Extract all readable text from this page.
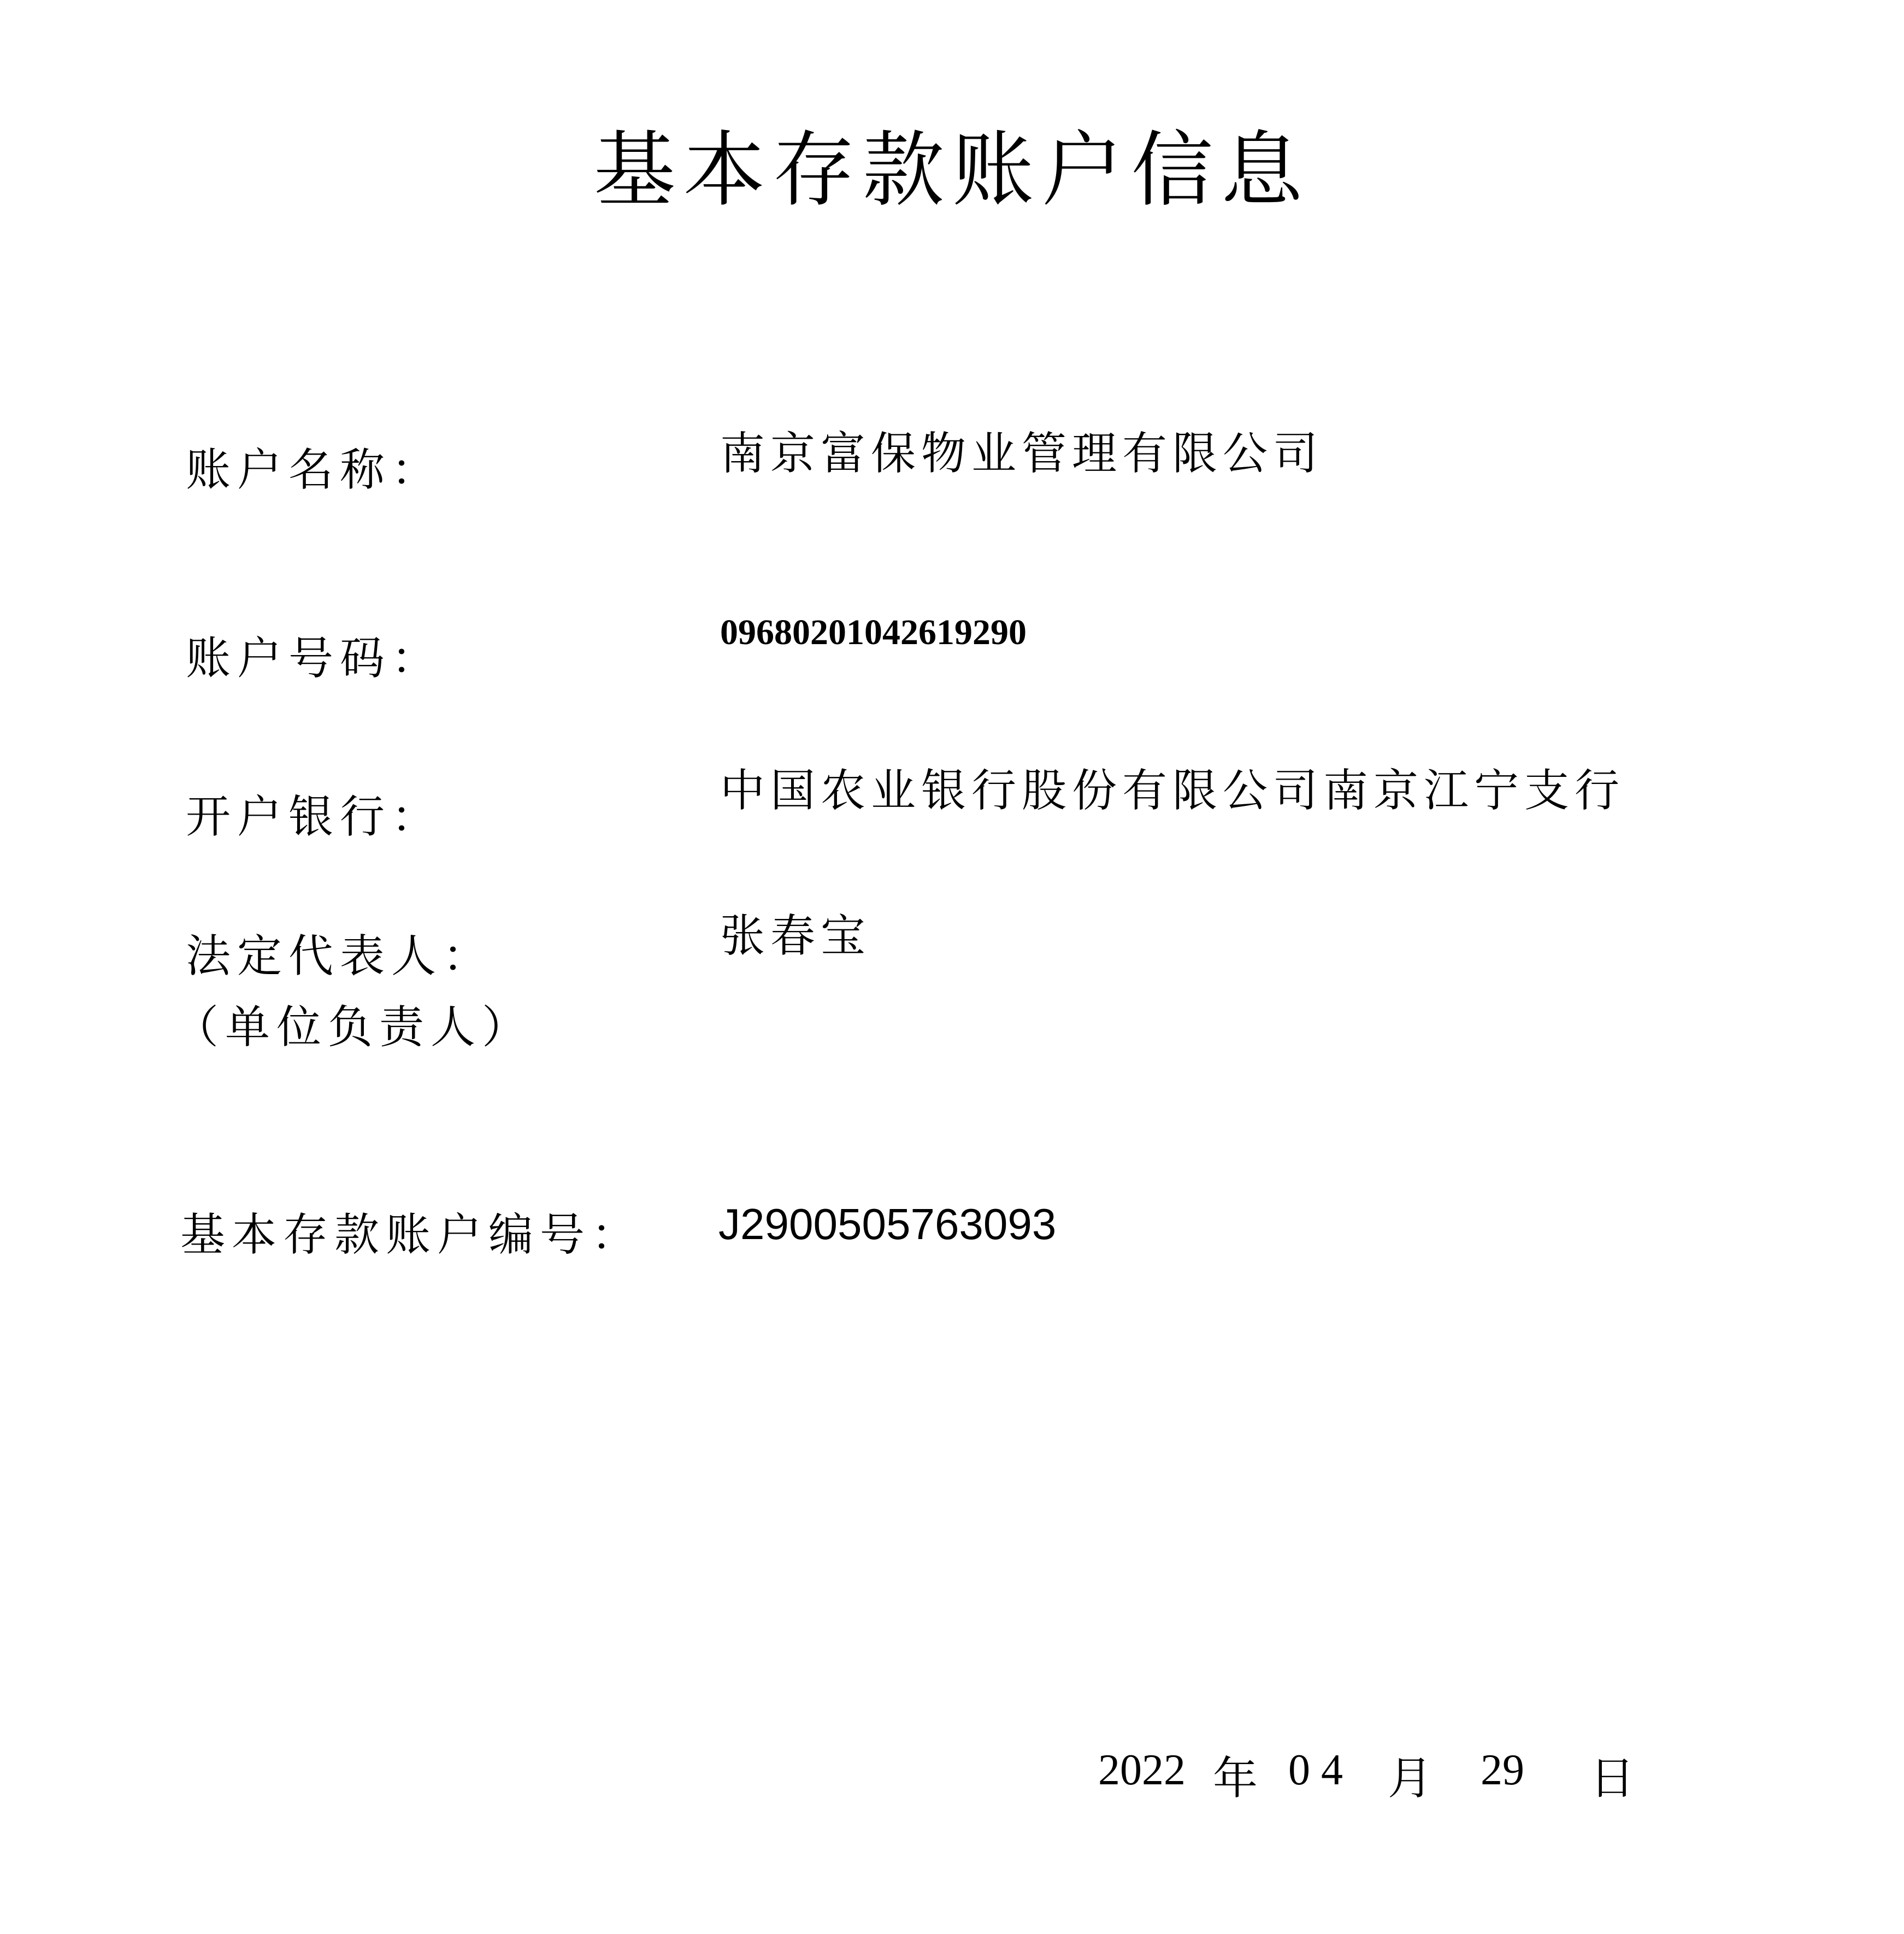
基本存款账户信息
账户名称：	南京富保物业管理有限公司
账户号码：
09680201042619290
开户银行：
中国农业银行股份有限公司南京江宁支行
法定代表人：
（单位负责人）
张春宝
基本存款账户编号： J2900505763093
2022 年 0 4 月 29 日
